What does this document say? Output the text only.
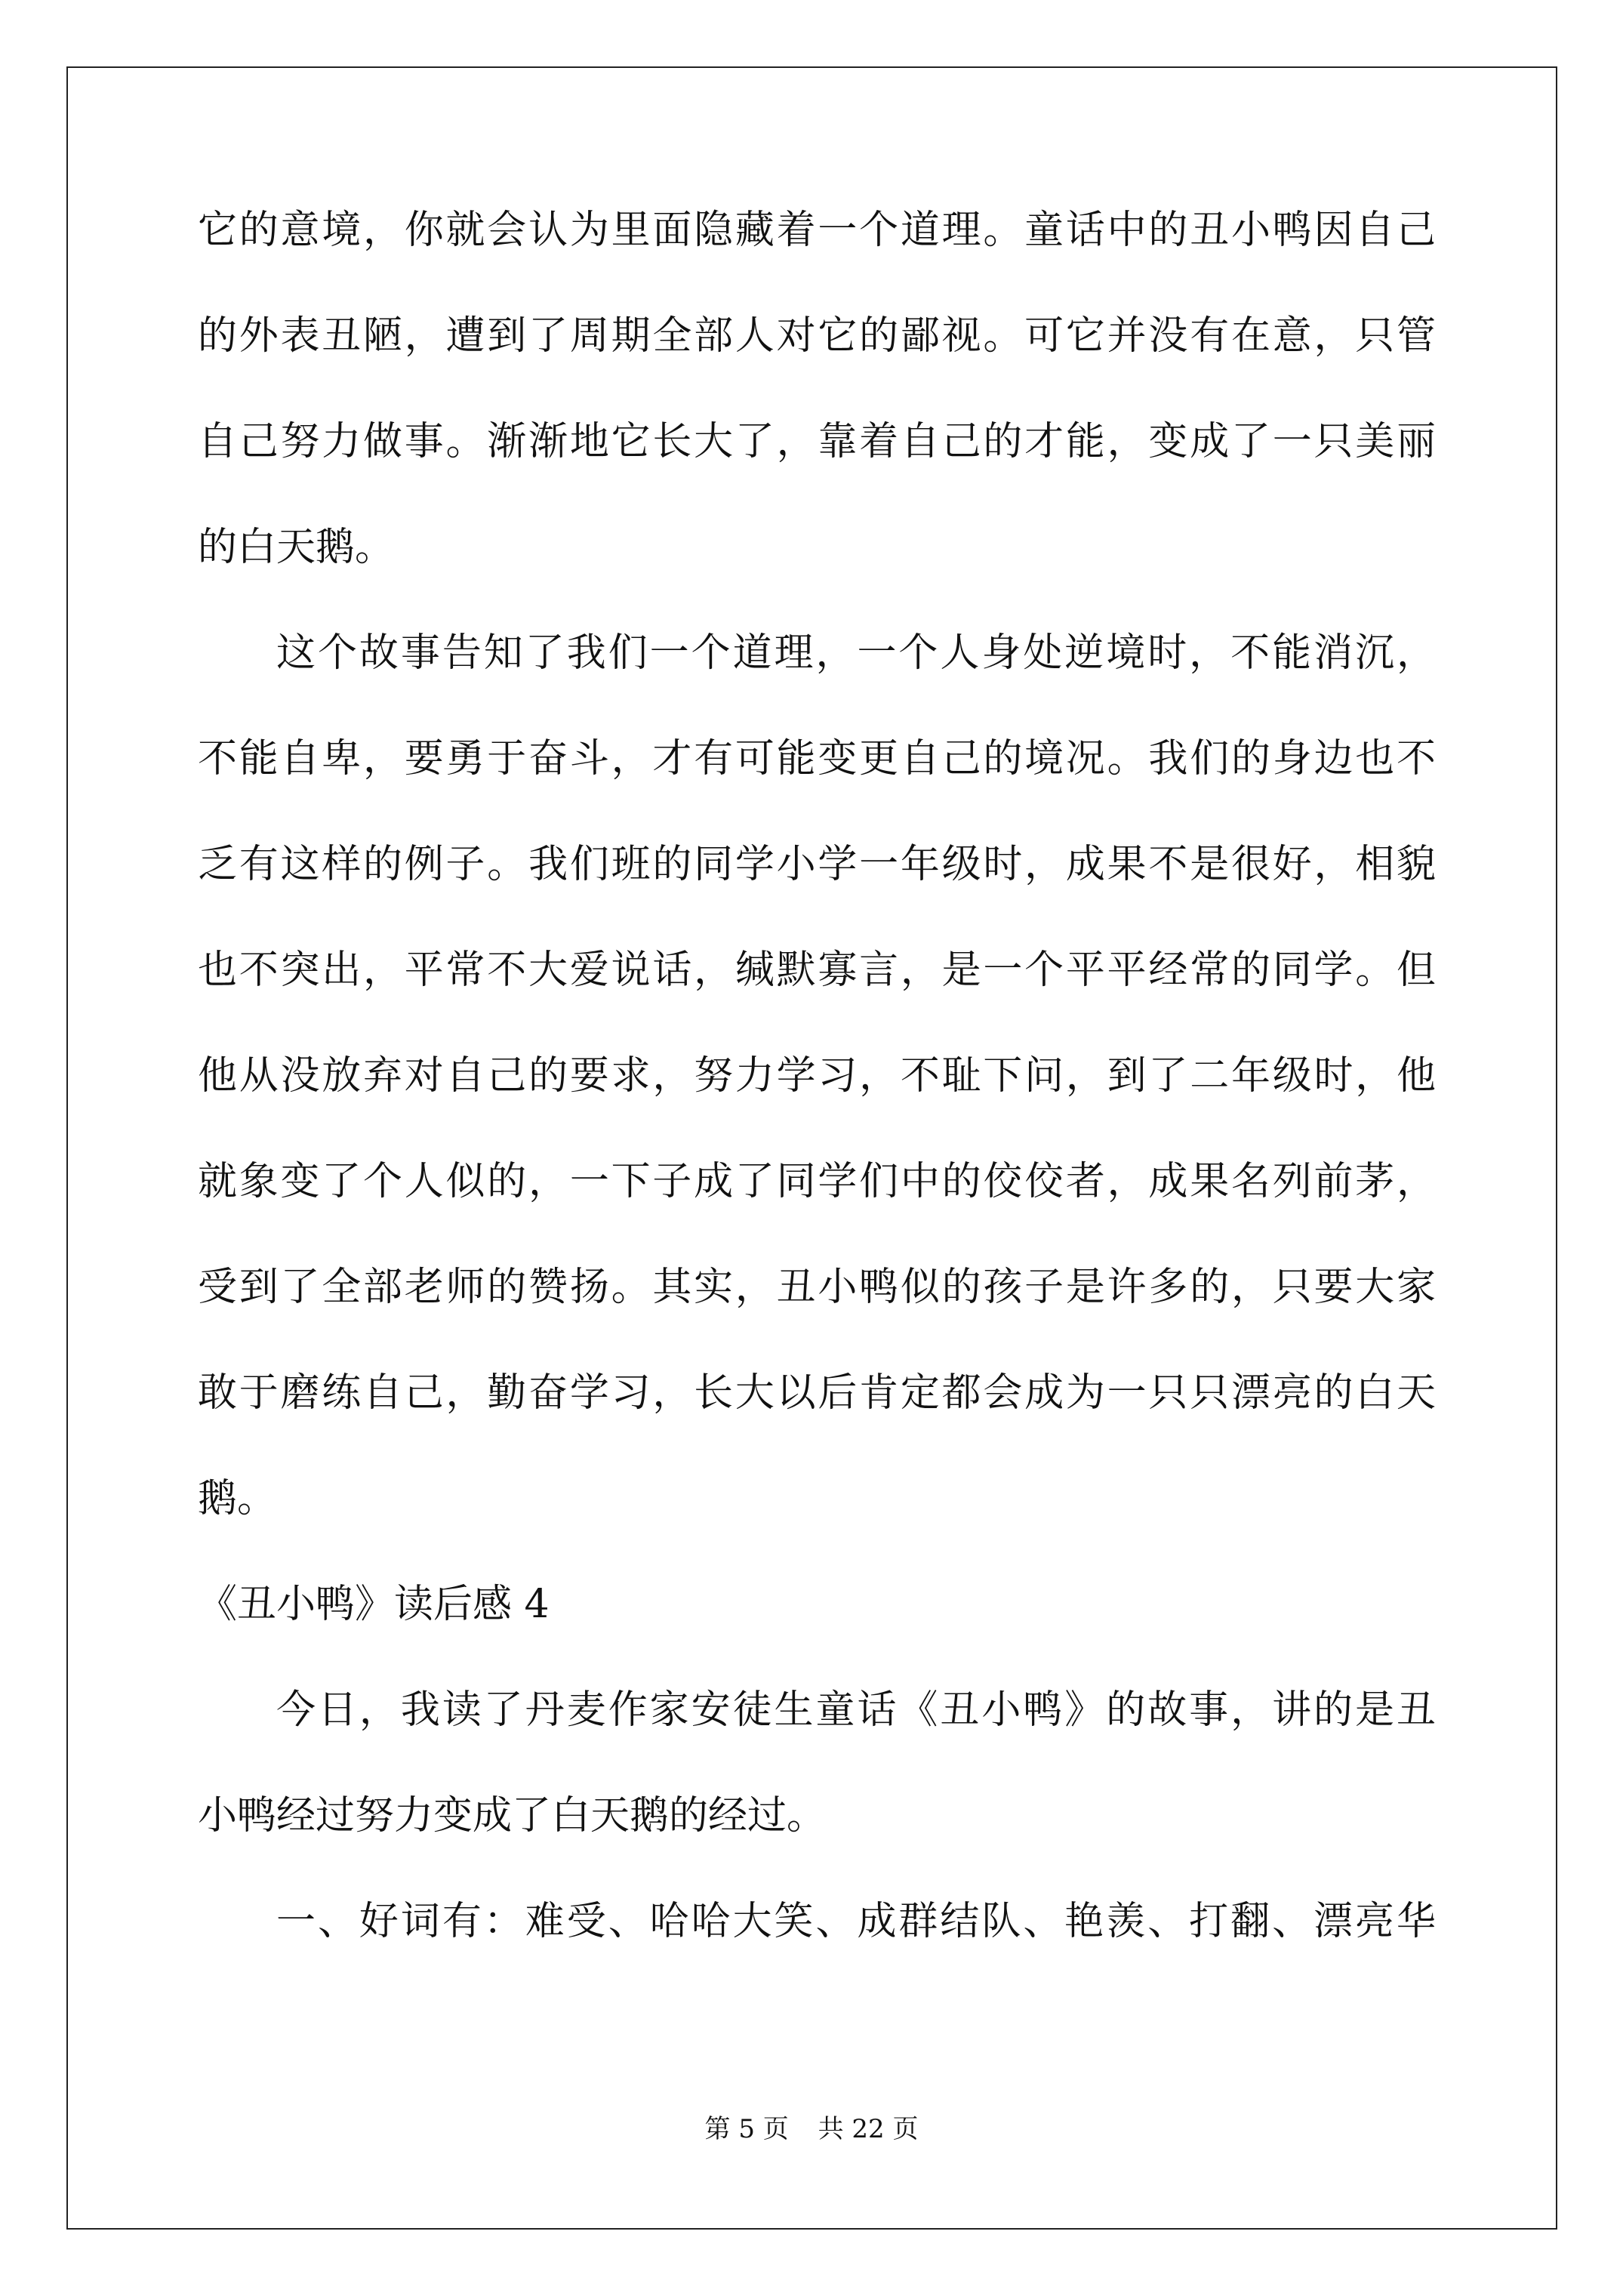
它的意境，你就会认为里面隐藏着一个道理。童话中的丑小鸭因自己
的外表丑陋，遭到了周期全部人对它的鄙视。可它并没有在意，只管
自己努力做事。渐渐地它长大了，靠着自己的才能，变成了一只美丽
的白天鹅。
这个故事告知了我们一个道理，一个人身处逆境时，不能消沉，
不能自卑，要勇于奋斗，才有可能变更自己的境况。我们的身边也不
乏有这样的例子。我们班的同学小学一年级时，成果不是很好，相貌
也不突出，平常不大爱说话，缄默寡言，是一个平平经常的同学。但
他从没放弃对自己的要求，努力学习，不耻下问，到了二年级时，他
就象变了个人似的，一下子成了同学们中的佼佼者，成果名列前茅，
受到了全部老师的赞扬。其实，丑小鸭似的孩子是许多的，只要大家
敢于磨练自己，勤奋学习，长大以后肯定都会成为一只只漂亮的白天
鹅。
《丑小鸭》读后感 4
今日，我读了丹麦作家安徒生童话《丑小鸭》的故事，讲的是丑
小鸭经过努力变成了白天鹅的经过。
一、好词有：难受、哈哈大笑、成群结队、艳羡、打翻、漂亮华
第 5 页 共 22 页
